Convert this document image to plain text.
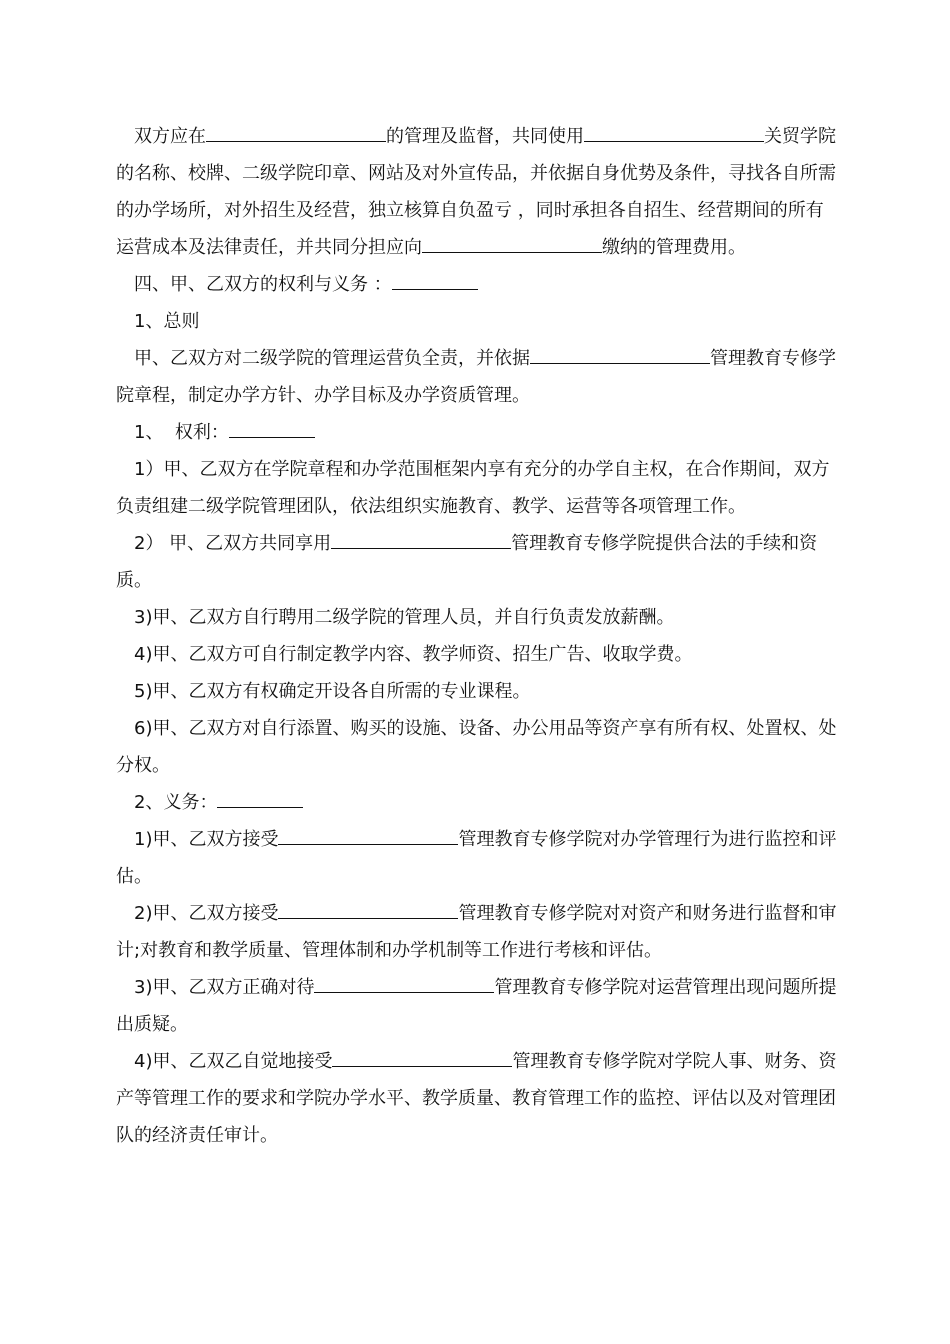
双方应在	的管理及监督，共同使用	关贸学院的名称、校牌、二级学院印章、网站及对外宣传品，并依据自身优势及条件，寻找各自所需的办学场所，对外招生及经营，独立核算自负盈亏 ，同时承担各自招生、经营期间的所有运营成本及法律责任，并共同分担应向	缴纳的管理费用。

四、甲、乙双方的权利与义务 ：

1、总则

甲、乙双方对二级学院的管理运营负全责，并依据	管理教育专修学院章程，制定办学方针、办学目标及办学资质管理。

1、  权利：

1）甲、乙双方在学院章程和办学范围框架内享有充分的办学自主权，在合作期间，双方负责组建二级学院管理团队，依法组织实施教育、教学、运营等各项管理工作。

2） 甲、乙双方共同享用	管理教育专修学院提供合法的手续和资质。

3)甲、乙双方自行聘用二级学院的管理人员，并自行负责发放薪酬。

4)甲、乙双方可自行制定教学内容、教学师资、招生广告、收取学费。

5)甲、乙双方有权确定开设各自所需的专业课程。

6)甲、乙双方对自行添置、购买的设施、设备、办公用品等资产享有所有权、处置权、处分权。

2、义务：

1)甲、乙双方接受	管理教育专修学院对办学管理行为进行监控和评估。

2)甲、乙双方接受	管理教育专修学院对对资产和财务进行监督和审计;对教育和教学质量、管理体制和办学机制等工作进行考核和评估。

3)甲、乙双方正确对待	管理教育专修学院对运营管理出现问题所提出质疑。

4)甲、乙双乙自觉地接受	管理教育专修学院对学院人事、财务、资产等管理工作的要求和学院办学水平、教学质量、教育管理工作的监控、评估以及对管理团队的经济责任审计。
